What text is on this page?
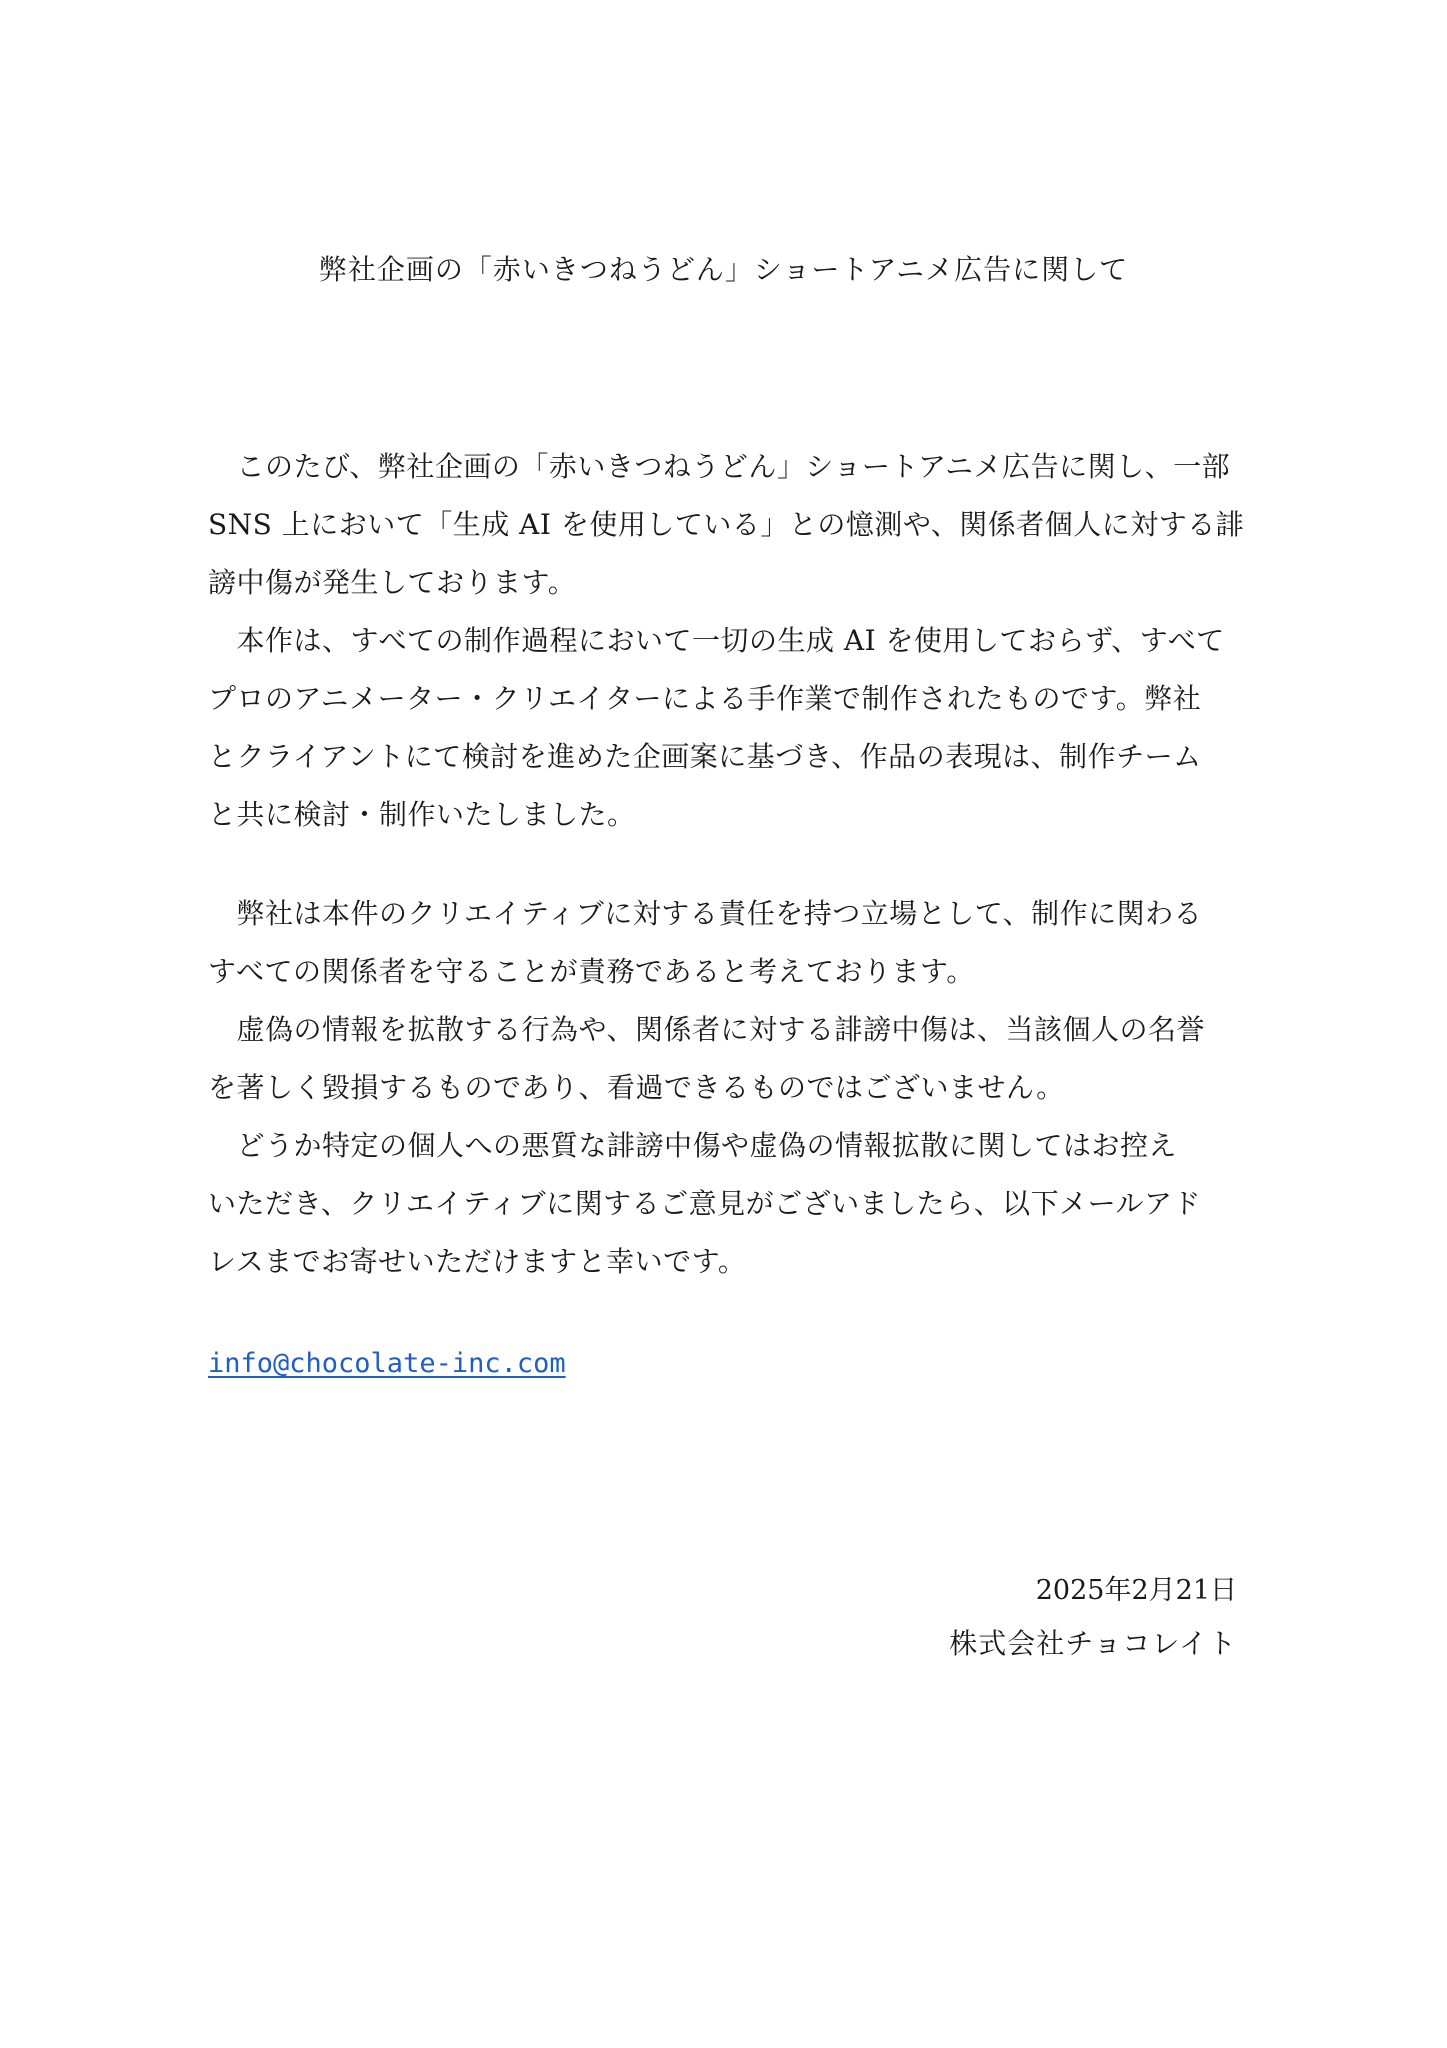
弊社企画の「赤いきつねうどん」ショートアニメ広告に関して
　このたび、弊社企画の「赤いきつねうどん」ショートアニメ広告に関し、一部
SNS 上において「生成 AI を使用している」との憶測や、関係者個人に対する誹
謗中傷が発生しております。
　本作は、すべての制作過程において一切の生成 AI を使用しておらず、すべて
プロのアニメーター・クリエイターによる手作業で制作されたものです。弊社
とクライアントにて検討を進めた企画案に基づき、作品の表現は、制作チーム
と共に検討・制作いたしました。
　弊社は本件のクリエイティブに対する責任を持つ立場として、制作に関わる
すべての関係者を守ることが責務であると考えております。
　虚偽の情報を拡散する行為や、関係者に対する誹謗中傷は、当該個人の名誉
を著しく毀損するものであり、看過できるものではございません。
　どうか特定の個人への悪質な誹謗中傷や虚偽の情報拡散に関してはお控え
いただき、クリエイティブに関するご意見がございましたら、以下メールアド
レスまでお寄せいただけますと幸いです。
info@chocolate-inc.com
2025年2月21日
株式会社チョコレイト
